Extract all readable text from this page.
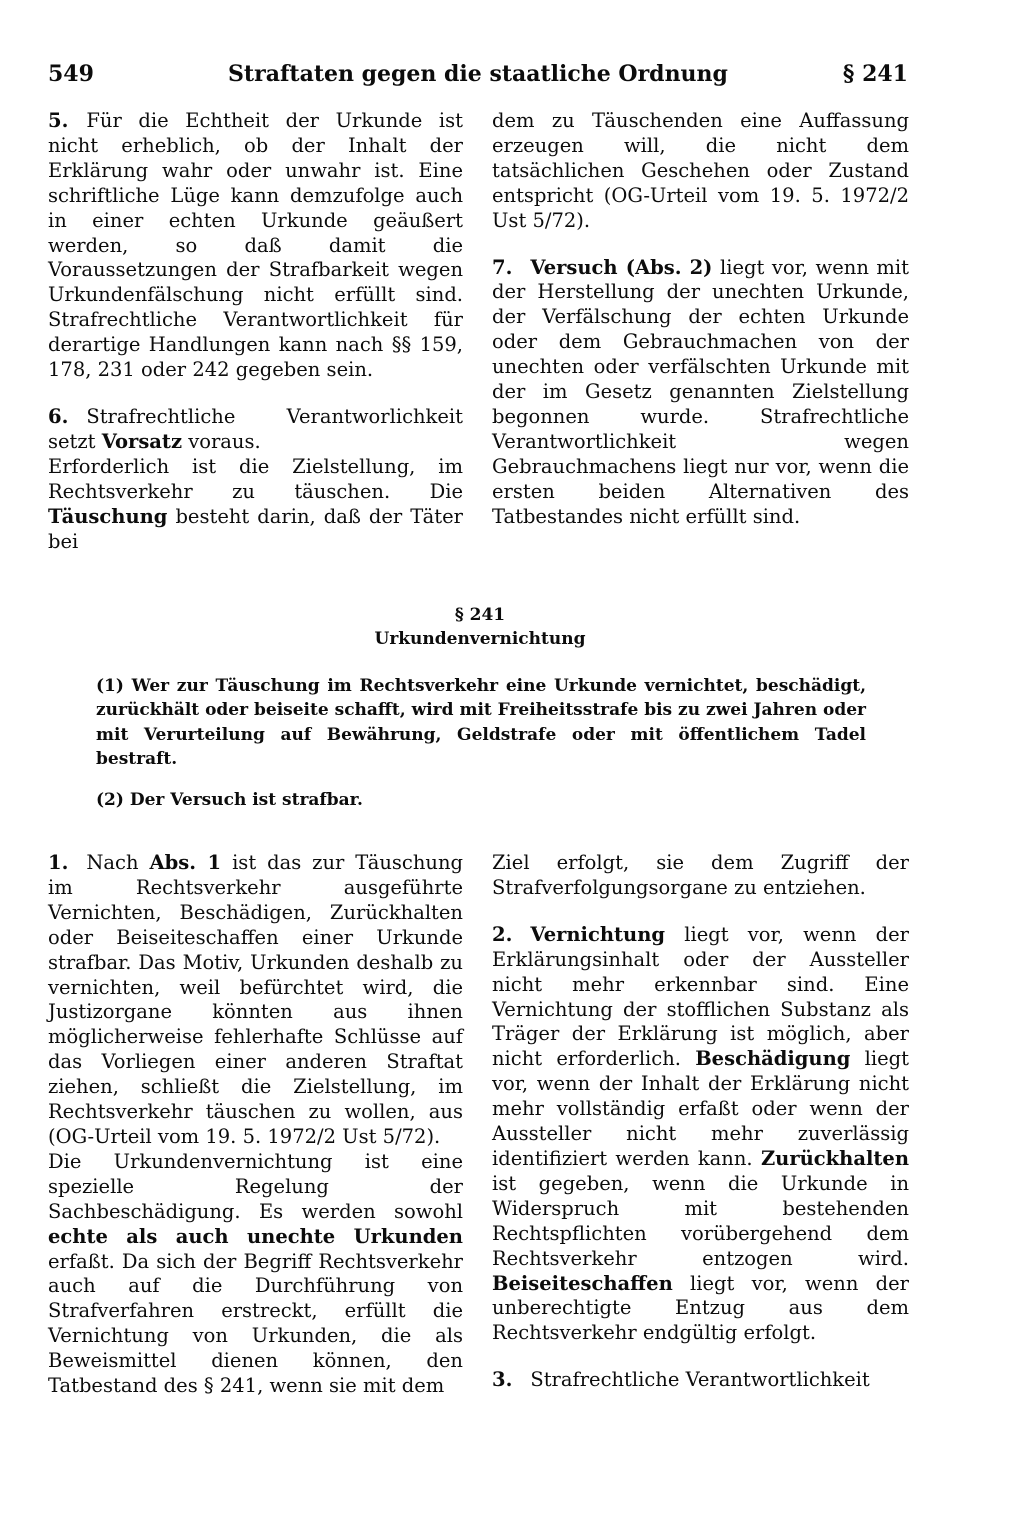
549	Straftaten gegen die staatliche Ordnung	§ 241

5. Für die Echtheit der Urkunde ist nicht erheblich, ob der Inhalt der Erklärung wahr oder unwahr ist. Eine schriftliche Lüge kann demzufolge auch in einer echten Urkunde geäußert werden, so daß damit die Voraussetzungen der Strafbarkeit wegen Urkundenfälschung nicht erfüllt sind. Strafrechtliche Verantwortlichkeit für derartige Handlungen kann nach §§ 159, 178, 231 oder 242 gegeben sein.

6. Strafrechtliche Verantworlichkeit setzt Vorsatz voraus.

Erforderlich ist die Zielstellung, im Rechtsverkehr zu täuschen. Die Täuschung besteht darin, daß der Täter bei

dem zu Täuschenden eine Auffassung erzeugen will, die nicht dem tatsächlichen Geschehen oder Zustand entspricht (OG-Urteil vom 19. 5. 1972/2 Ust 5/72).

7. Versuch (Abs. 2) liegt vor, wenn mit der Herstellung der unechten Urkunde, der Verfälschung der echten Urkunde oder dem Gebrauchmachen von der unechten oder verfälschten Urkunde mit der im Gesetz genannten Zielstellung begonnen wurde. Strafrechtliche Verantwortlichkeit wegen Gebrauchmachens liegt nur vor, wenn die ersten beiden Alternativen des Tatbestandes nicht erfüllt sind.

§ 241
Urkundenvernichtung
(1) Wer zur Täuschung im Rechtsverkehr eine Urkunde vernichtet, beschädigt, zurückhält oder beiseite schafft, wird mit Freiheitsstrafe bis zu zwei Jahren oder mit Verurteilung auf Bewährung, Geldstrafe oder mit öffentlichem Tadel bestraft.
(2) Der Versuch ist strafbar.

1. Nach Abs. 1 ist das zur Täuschung im Rechtsverkehr ausgeführte Vernichten, Beschädigen, Zurückhalten oder Beiseiteschaffen einer Urkunde strafbar. Das Motiv, Urkunden deshalb zu vernichten, weil befürchtet wird, die Justizorgane könnten aus ihnen möglicherweise fehlerhafte Schlüsse auf das Vorliegen einer anderen Straftat ziehen, schließt die Zielstellung, im Rechtsverkehr täuschen zu wollen, aus (OG-Urteil vom 19. 5. 1972/2 Ust 5/72).

Die Urkundenvernichtung ist eine spezielle Regelung der Sachbeschädigung. Es werden sowohl echte als auch unechte Urkunden erfaßt. Da sich der Begriff Rechtsverkehr auch auf die Durchführung von Strafverfahren erstreckt, erfüllt die Vernichtung von Urkunden, die als Beweismittel dienen können, den Tatbestand des § 241, wenn sie mit dem

Ziel erfolgt, sie dem Zugriff der Strafverfolgungsorgane zu entziehen.

2. Vernichtung liegt vor, wenn der Erklärungsinhalt oder der Aussteller nicht mehr erkennbar sind. Eine Vernichtung der stofflichen Substanz als Träger der Erklärung ist möglich, aber nicht erforderlich. Beschädigung liegt vor, wenn der Inhalt der Erklärung nicht mehr vollständig erfaßt oder wenn der Aussteller nicht mehr zuverlässig identifiziert werden kann. Zurückhalten ist gegeben, wenn die Urkunde in Widerspruch mit bestehenden Rechtspflichten vorübergehend dem Rechtsverkehr entzogen wird. Beiseiteschaffen liegt vor, wenn der unberechtigte Entzug aus dem Rechtsverkehr endgültig erfolgt.

3. Strafrechtliche Verantwortlichkeit
